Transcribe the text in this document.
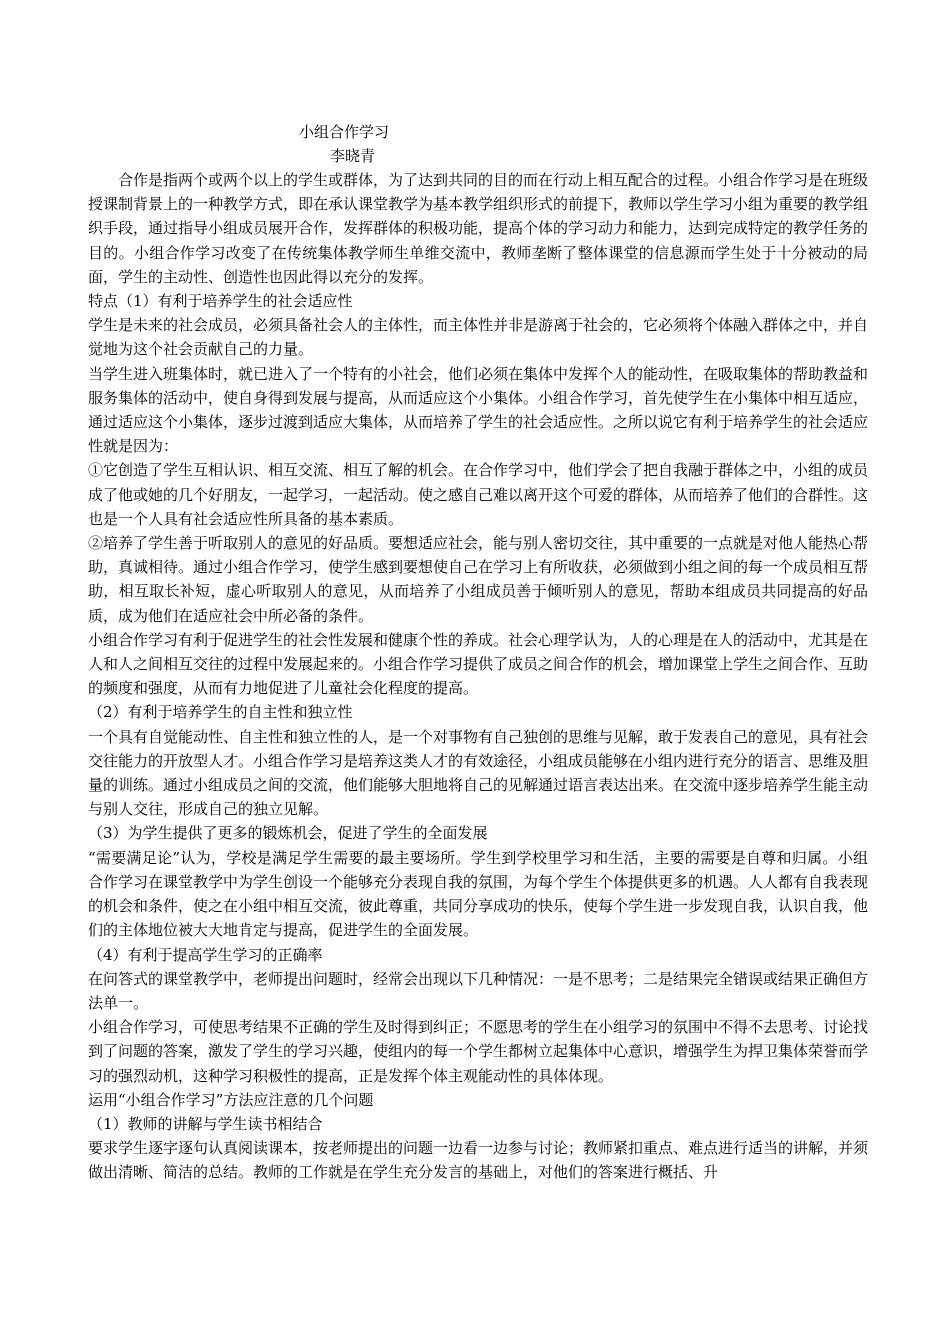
小组合作学习
李晓青

合作是指两个或两个以上的学生或群体，为了达到共同的目的而在行动上相互配合的过程。小组合作学习是在班级授课制背景上的一种教学方式，即在承认课堂教学为基本教学组织形式的前提下，教师以学生学习小组为重要的教学组织手段，通过指导小组成员展开合作，发挥群体的积极功能，提高个体的学习动力和能力，达到完成特定的教学任务的目的。小组合作学习改变了在传统集体教学师生单维交流中，教师垄断了整体课堂的信息源而学生处于十分被动的局面，学生的主动性、创造性也因此得以充分的发挥。

特点（1）有利于培养学生的社会适应性

学生是未来的社会成员，必须具备社会人的主体性，而主体性并非是游离于社会的，它必须将个体融入群体之中，并自觉地为这个社会贡献自己的力量。

当学生进入班集体时，就已进入了一个特有的小社会，他们必须在集体中发挥个人的能动性，在吸取集体的帮助教益和服务集体的活动中，使自身得到发展与提高，从而适应这个小集体。小组合作学习，首先使学生在小集体中相互适应，通过适应这个小集体，逐步过渡到适应大集体，从而培养了学生的社会适应性。之所以说它有利于培养学生的社会适应性就是因为：

①它创造了学生互相认识、相互交流、相互了解的机会。在合作学习中，他们学会了把自我融于群体之中，小组的成员成了他或她的几个好朋友，一起学习，一起活动。使之感自己难以离开这个可爱的群体，从而培养了他们的合群性。这也是一个人具有社会适应性所具备的基本素质。

②培养了学生善于听取别人的意见的好品质。要想适应社会，能与别人密切交往，其中重要的一点就是对他人能热心帮助，真诚相待。通过小组合作学习，使学生感到要想使自己在学习上有所收获，必须做到小组之间的每一个成员相互帮助，相互取长补短，虚心听取别人的意见，从而培养了小组成员善于倾听别人的意见，帮助本组成员共同提高的好品质，成为他们在适应社会中所必备的条件。

小组合作学习有利于促进学生的社会性发展和健康个性的养成。社会心理学认为，人的心理是在人的活动中，尤其是在人和人之间相互交往的过程中发展起来的。小组合作学习提供了成员之间合作的机会，增加课堂上学生之间合作、互助的频度和强度，从而有力地促进了儿童社会化程度的提高。

（2）有利于培养学生的自主性和独立性

一个具有自觉能动性、自主性和独立性的人，是一个对事物有自己独创的思维与见解，敢于发表自己的意见，具有社会交往能力的开放型人才。小组合作学习是培养这类人才的有效途径，小组成员能够在小组内进行充分的语言、思维及胆量的训练。通过小组成员之间的交流，他们能够大胆地将自己的见解通过语言表达出来。在交流中逐步培养学生能主动与别人交往，形成自己的独立见解。

（3）为学生提供了更多的锻炼机会，促进了学生的全面发展

“需要满足论”认为，学校是满足学生需要的最主要场所。学生到学校里学习和生活，主要的需要是自尊和归属。小组合作学习在课堂教学中为学生创设一个能够充分表现自我的氛围，为每个学生个体提供更多的机遇。人人都有自我表现的机会和条件，使之在小组中相互交流，彼此尊重，共同分享成功的快乐，使每个学生进一步发现自我，认识自我，他们的主体地位被大大地肯定与提高，促进学生的全面发展。

（4）有利于提高学生学习的正确率

在问答式的课堂教学中，老师提出问题时，经常会出现以下几种情况：一是不思考；二是结果完全错误或结果正确但方法单一。

小组合作学习，可使思考结果不正确的学生及时得到纠正；不愿思考的学生在小组学习的氛围中不得不去思考、讨论找到了问题的答案，激发了学生的学习兴趣，使组内的每一个学生都树立起集体中心意识，增强学生为捍卫集体荣誉而学习的强烈动机，这种学习积极性的提高，正是发挥个体主观能动性的具体体现。

运用“小组合作学习”方法应注意的几个问题

（1）教师的讲解与学生读书相结合

要求学生逐字逐句认真阅读课本，按老师提出的问题一边看一边参与讨论；教师紧扣重点、难点进行适当的讲解，并须做出清晰、简洁的总结。教师的工作就是在学生充分发言的基础上，对他们的答案进行概括、升
